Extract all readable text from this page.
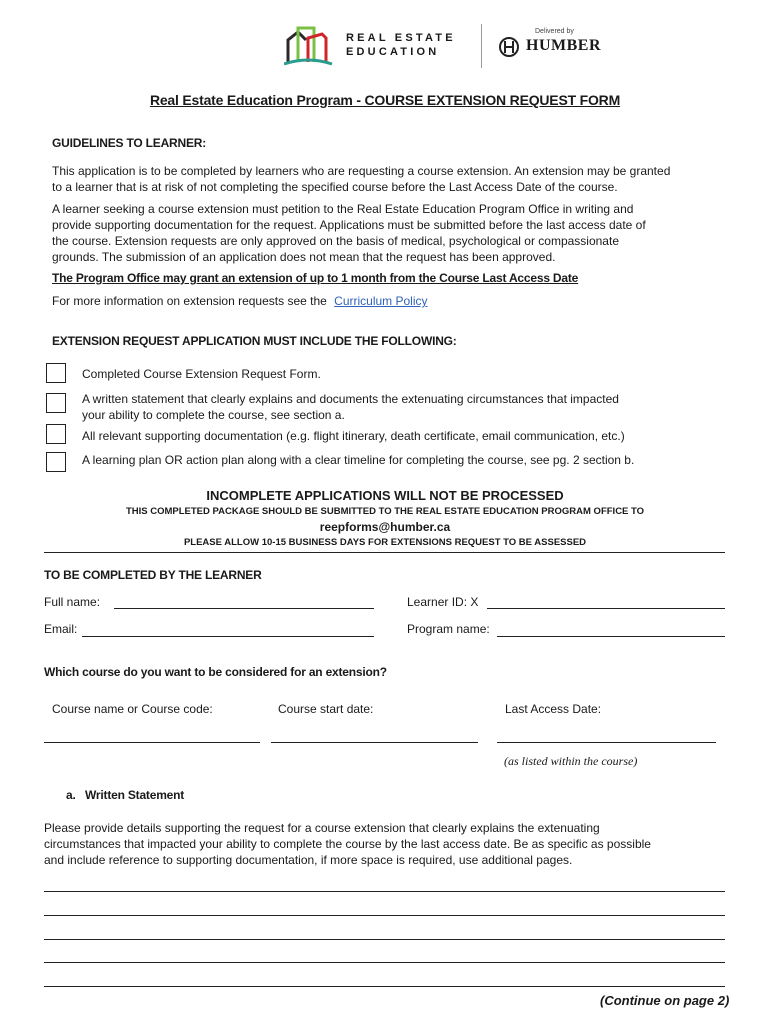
REAL ESTATE
EDUCATION
Delivered by
HUMBER
Real Estate Education Program - COURSE EXTENSION REQUEST FORM
GUIDELINES TO LEARNER:
This application is to be completed by learners who are requesting a course extension. An extension may be granted
to a learner that is at risk of not completing the specified course before the Last Access Date of the course.
A learner seeking a course extension must petition to the Real Estate Education Program Office in writing and
provide supporting documentation for the request. Applications must be submitted before the last access date of
the course. Extension requests are only approved on the basis of medical, psychological or compassionate
grounds. The submission of an application does not mean that the request has been approved.
The Program Office may grant an extension of up to 1 month from the Course Last Access Date
For more information on extension requests see the Curriculum Policy
EXTENSION REQUEST APPLICATION MUST INCLUDE THE FOLLOWING:
Completed Course Extension Request Form.
A written statement that clearly explains and documents the extenuating circumstances that impacted
your ability to complete the course, see section a.
All relevant supporting documentation (e.g. flight itinerary, death certificate, email communication, etc.)
A learning plan OR action plan along with a clear timeline for completing the course, see pg. 2 section b.
INCOMPLETE APPLICATIONS WILL NOT BE PROCESSED
THIS COMPLETED PACKAGE SHOULD BE SUBMITTED TO THE REAL ESTATE EDUCATION PROGRAM OFFICE TO
reepforms@humber.ca
PLEASE ALLOW 10-15 BUSINESS DAYS FOR EXTENSIONS REQUEST TO BE ASSESSED
TO BE COMPLETED BY THE LEARNER
Full name:	Learner ID: X
Email:	Program name:
Which course do you want to be considered for an extension?
Course name or Course code:	Course start date:	Last Access Date:
(as listed within the course)
a.   Written Statement
Please provide details supporting the request for a course extension that clearly explains the extenuating
circumstances that impacted your ability to complete the course by the last access date. Be as specific as possible
and include reference to supporting documentation, if more space is required, use additional pages.
(Continue on page 2)
